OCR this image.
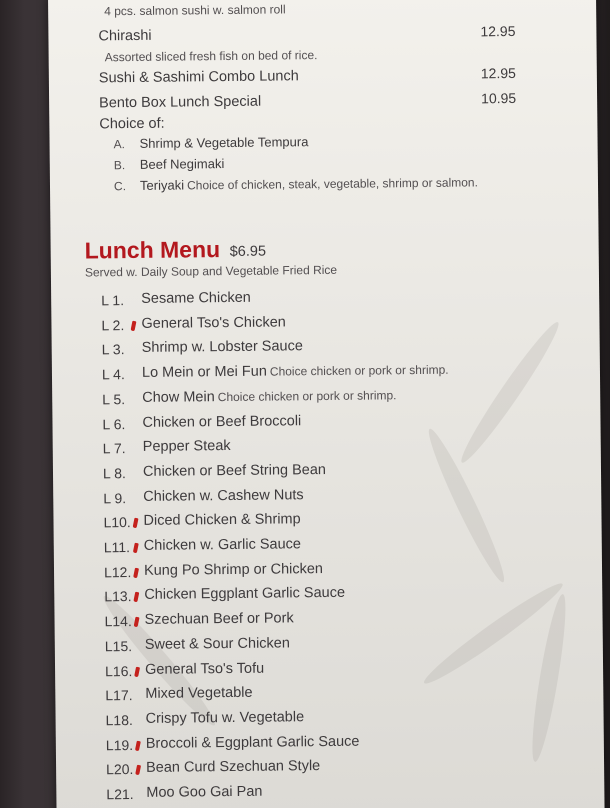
4 pcs. salmon sushi w. salmon roll
Chirashi	12.95
Assorted sliced fresh fish on bed of rice.
Sushi & Sashimi Combo Lunch	12.95
Bento Box Lunch Special	10.95
Choice of:
A. Shrimp & Vegetable Tempura
B. Beef Negimaki
C. Teriyaki Choice of chicken, steak, vegetable, shrimp or salmon.
Lunch Menu $6.95
Served w. Daily Soup and Vegetable Fried Rice
L 1. Sesame Chicken
L 2. General Tso's Chicken
L 3. Shrimp w. Lobster Sauce
L 4. Lo Mein or Mei Fun Choice chicken or pork or shrimp.
L 5. Chow Mein Choice chicken or pork or shrimp.
L 6. Chicken or Beef Broccoli
L 7. Pepper Steak
L 8. Chicken or Beef String Bean
L 9. Chicken w. Cashew Nuts
L10. Diced Chicken & Shrimp
L11. Chicken w. Garlic Sauce
L12. Kung Po Shrimp or Chicken
L13. Chicken Eggplant Garlic Sauce
L14. Szechuan Beef or Pork
L15. Sweet & Sour Chicken
L16. General Tso's Tofu
L17. Mixed Vegetable
L18. Crispy Tofu w. Vegetable
L19. Broccoli & Eggplant Garlic Sauce
L20. Bean Curd Szechuan Style
L21. Moo Goo Gai Pan
